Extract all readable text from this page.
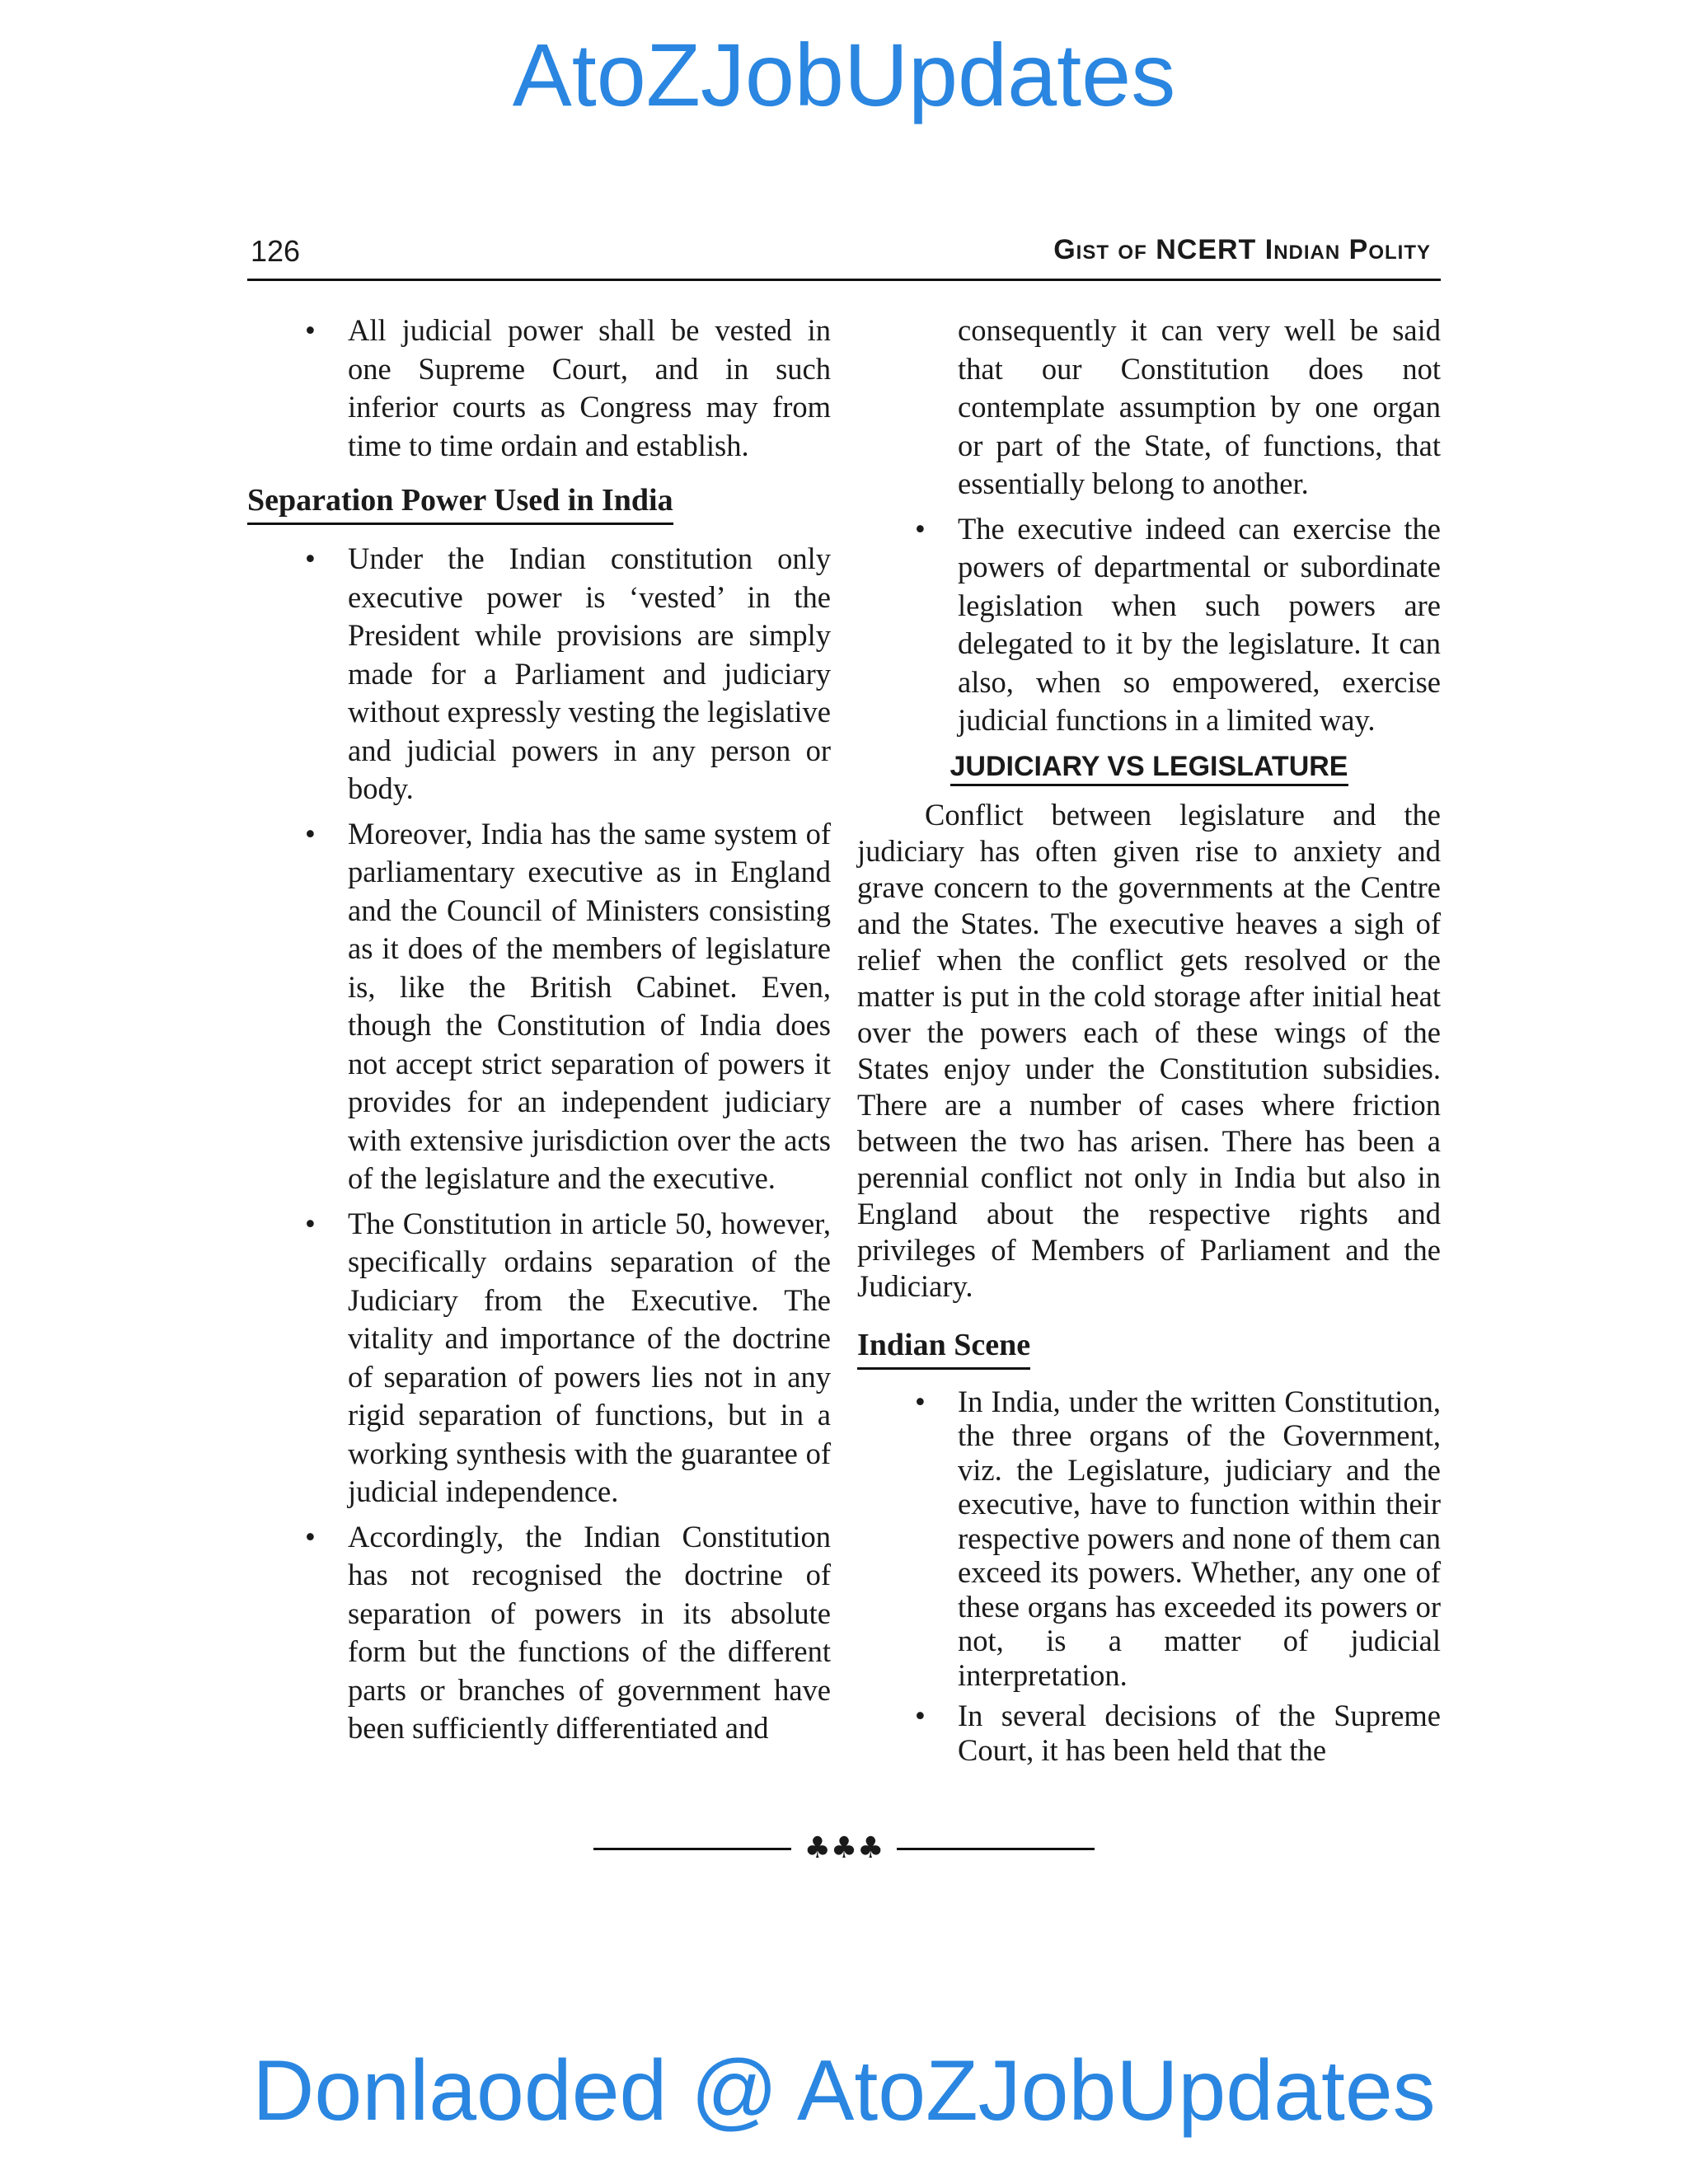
AtoZJobUpdates
126	Gist of NCERT Indian Polity
• All judicial power shall be vested in one Supreme Court, and in such inferior courts as Congress may from time to time ordain and establish.
Separation Power Used in India
• Under the Indian constitution only executive power is ‘vested’ in the President while provisions are simply made for a Parliament and judiciary without expressly vesting the legislative and judicial powers in any person or body.
• Moreover, India has the same system of parliamentary executive as in England and the Council of Ministers consisting as it does of the members of legislature is, like the British Cabinet. Even, though the Constitution of India does not accept strict separation of powers it provides for an independent judiciary with extensive jurisdiction over the acts of the legislature and the executive.
• The Constitution in article 50, however, specifically ordains separation of the Judiciary from the Executive. The vitality and importance of the doctrine of separation of powers lies not in any rigid separation of functions, but in a working synthesis with the guarantee of judicial independence.
• Accordingly, the Indian Constitution has not recognised the doctrine of separation of powers in its absolute form but the functions of the different parts or branches of government have been sufficiently differentiated and
consequently it can very well be said that our Constitution does not contemplate assumption by one organ or part of the State, of functions, that essentially belong to another.
• The executive indeed can exercise the powers of departmental or subordinate legislation when such powers are delegated to it by the legislature. It can also, when so empowered, exercise judicial functions in a limited way.
JUDICIARY VS LEGISLATURE

Conflict between legislature and the judiciary has often given rise to anxiety and grave concern to the governments at the Centre and the States. The executive heaves a sigh of relief when the conflict gets resolved or the matter is put in the cold storage after initial heat over the powers each of these wings of the States enjoy under the Constitution subsidies. There are a number of cases where friction between the two has arisen. There has been a perennial conflict not only in India but also in England about the respective rights and privileges of Members of Parliament and the Judiciary.

Indian Scene
• In India, under the written Constitution, the three organs of the Government, viz. the Legislature, judiciary and the executive, have to function within their respective powers and none of them can exceed its powers. Whether, any one of these organs has exceeded its powers or not, is a matter of judicial interpretation.
• In several decisions of the Supreme Court, it has been held that the
♣♣♣
Donlaoded @ AtoZJobUpdates
